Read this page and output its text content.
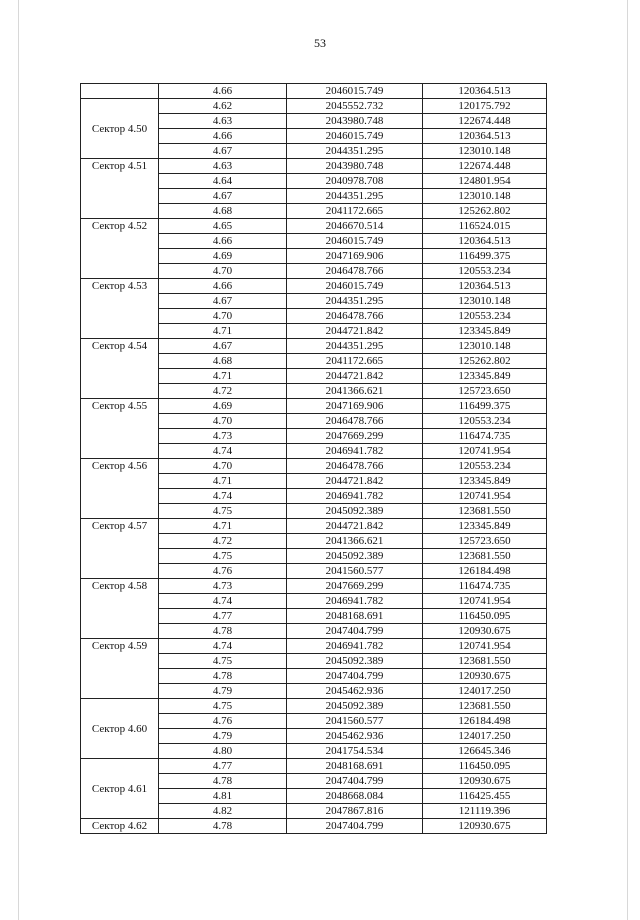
53
	4.66	2046015.749	120364.513
Сектор 4.50	4.62	2045552.732	120175.792
	4.63	2043980.748	122674.448
	4.66	2046015.749	120364.513
	4.67	2044351.295	123010.148
Сектор 4.51	4.63	2043980.748	122674.448
	4.64	2040978.708	124801.954
	4.67	2044351.295	123010.148
	4.68	2041172.665	125262.802
Сектор 4.52	4.65	2046670.514	116524.015
	4.66	2046015.749	120364.513
	4.69	2047169.906	116499.375
	4.70	2046478.766	120553.234
Сектор 4.53	4.66	2046015.749	120364.513
	4.67	2044351.295	123010.148
	4.70	2046478.766	120553.234
	4.71	2044721.842	123345.849
Сектор 4.54	4.67	2044351.295	123010.148
	4.68	2041172.665	125262.802
	4.71	2044721.842	123345.849
	4.72	2041366.621	125723.650
Сектор 4.55	4.69	2047169.906	116499.375
	4.70	2046478.766	120553.234
	4.73	2047669.299	116474.735
	4.74	2046941.782	120741.954
Сектор 4.56	4.70	2046478.766	120553.234
	4.71	2044721.842	123345.849
	4.74	2046941.782	120741.954
	4.75	2045092.389	123681.550
Сектор 4.57	4.71	2044721.842	123345.849
	4.72	2041366.621	125723.650
	4.75	2045092.389	123681.550
	4.76	2041560.577	126184.498
Сектор 4.58	4.73	2047669.299	116474.735
	4.74	2046941.782	120741.954
	4.77	2048168.691	116450.095
	4.78	2047404.799	120930.675
Сектор 4.59	4.74	2046941.782	120741.954
	4.75	2045092.389	123681.550
	4.78	2047404.799	120930.675
	4.79	2045462.936	124017.250
Сектор 4.60	4.75	2045092.389	123681.550
	4.76	2041560.577	126184.498
	4.79	2045462.936	124017.250
	4.80	2041754.534	126645.346
Сектор 4.61	4.77	2048168.691	116450.095
	4.78	2047404.799	120930.675
	4.81	2048668.084	116425.455
	4.82	2047867.816	121119.396
Сектор 4.62	4.78	2047404.799	120930.675
